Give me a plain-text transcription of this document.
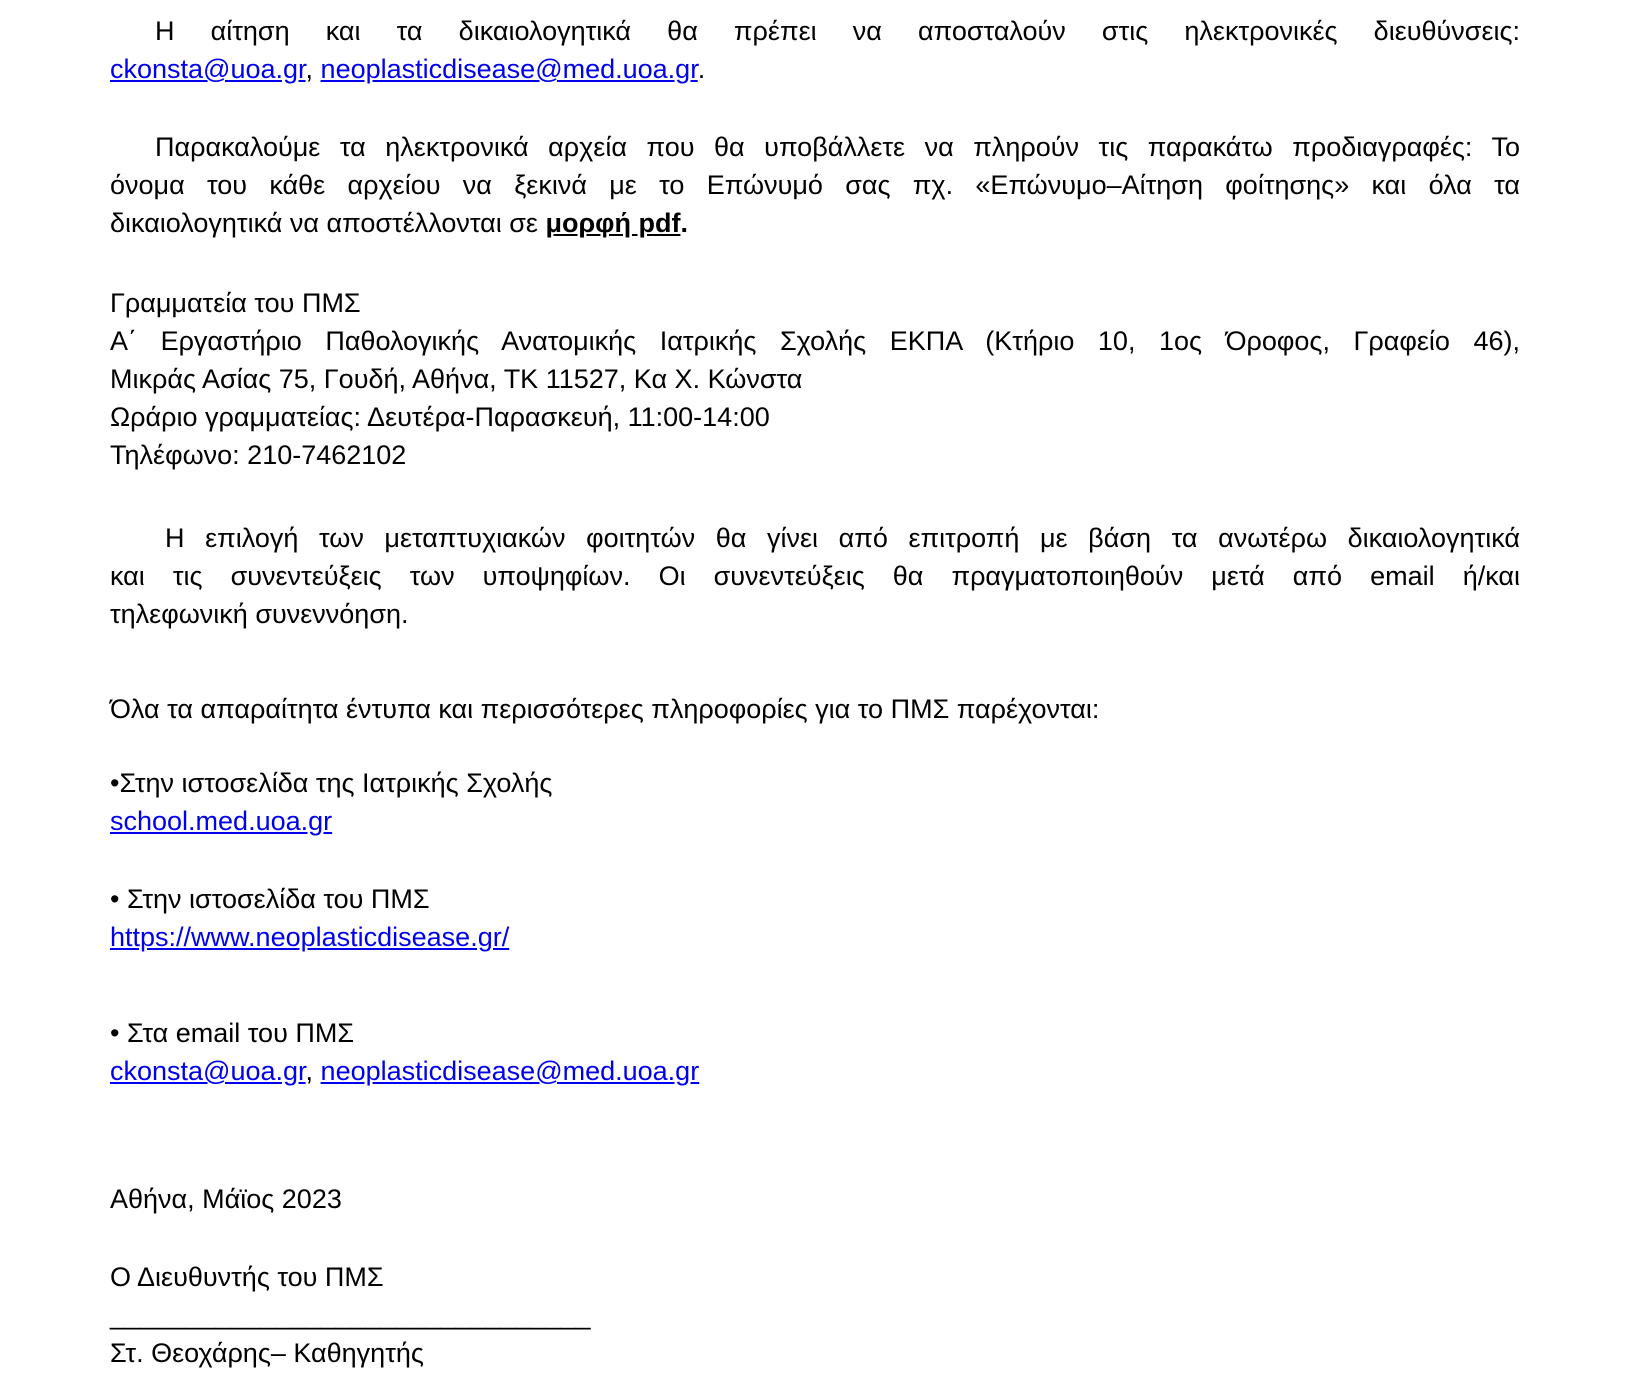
Η αίτηση και τα δικαιολογητικά θα πρέπει να αποσταλούν στις ηλεκτρονικές διευθύνσεις:
ckonsta@uoa.gr, neoplasticdisease@med.uoa.gr.
Παρακαλούμε τα ηλεκτρονικά αρχεία που θα υποβάλλετε να πληρούν τις παρακάτω προδιαγραφές: Το
όνομα του κάθε αρχείου να ξεκινά με το Επώνυμό σας πχ. «Επώνυμο–Αίτηση φοίτησης» και όλα τα
δικαιολογητικά να αποστέλλονται σε μορφή pdf.
Γραμματεία του ΠΜΣ
Α΄ Εργαστήριο Παθολογικής Ανατομικής Ιατρικής Σχολής ΕΚΠΑ (Κτήριο 10, 1ος Όροφος, Γραφείο 46),
Μικράς Ασίας 75, Γουδή, Αθήνα, ΤΚ 11527, Κα Χ. Κώνστα
Ωράριο γραμματείας: Δευτέρα-Παρασκευή, 11:00-14:00
Τηλέφωνο: 210-7462102
Η επιλογή των μεταπτυχιακών φοιτητών θα γίνει από επιτροπή με βάση τα ανωτέρω δικαιολογητικά
και τις συνεντεύξεις των υποψηφίων. Οι συνεντεύξεις θα πραγματοποιηθούν μετά από email ή/και
τηλεφωνική συνεννόηση.
Όλα τα απαραίτητα έντυπα και περισσότερες πληροφορίες για το ΠΜΣ παρέχονται:
•Στην ιστοσελίδα της Ιατρικής Σχολής
school.med.uoa.gr
• Στην ιστοσελίδα του ΠΜΣ
https://www.neoplasticdisease.gr/
• Στα email του ΠΜΣ
ckonsta@uoa.gr, neoplasticdisease@med.uoa.gr
Αθήνα, Μάϊος 2023
Ο Διευθυντής του ΠΜΣ
________________________________
Στ. Θεοχάρης– Καθηγητής
